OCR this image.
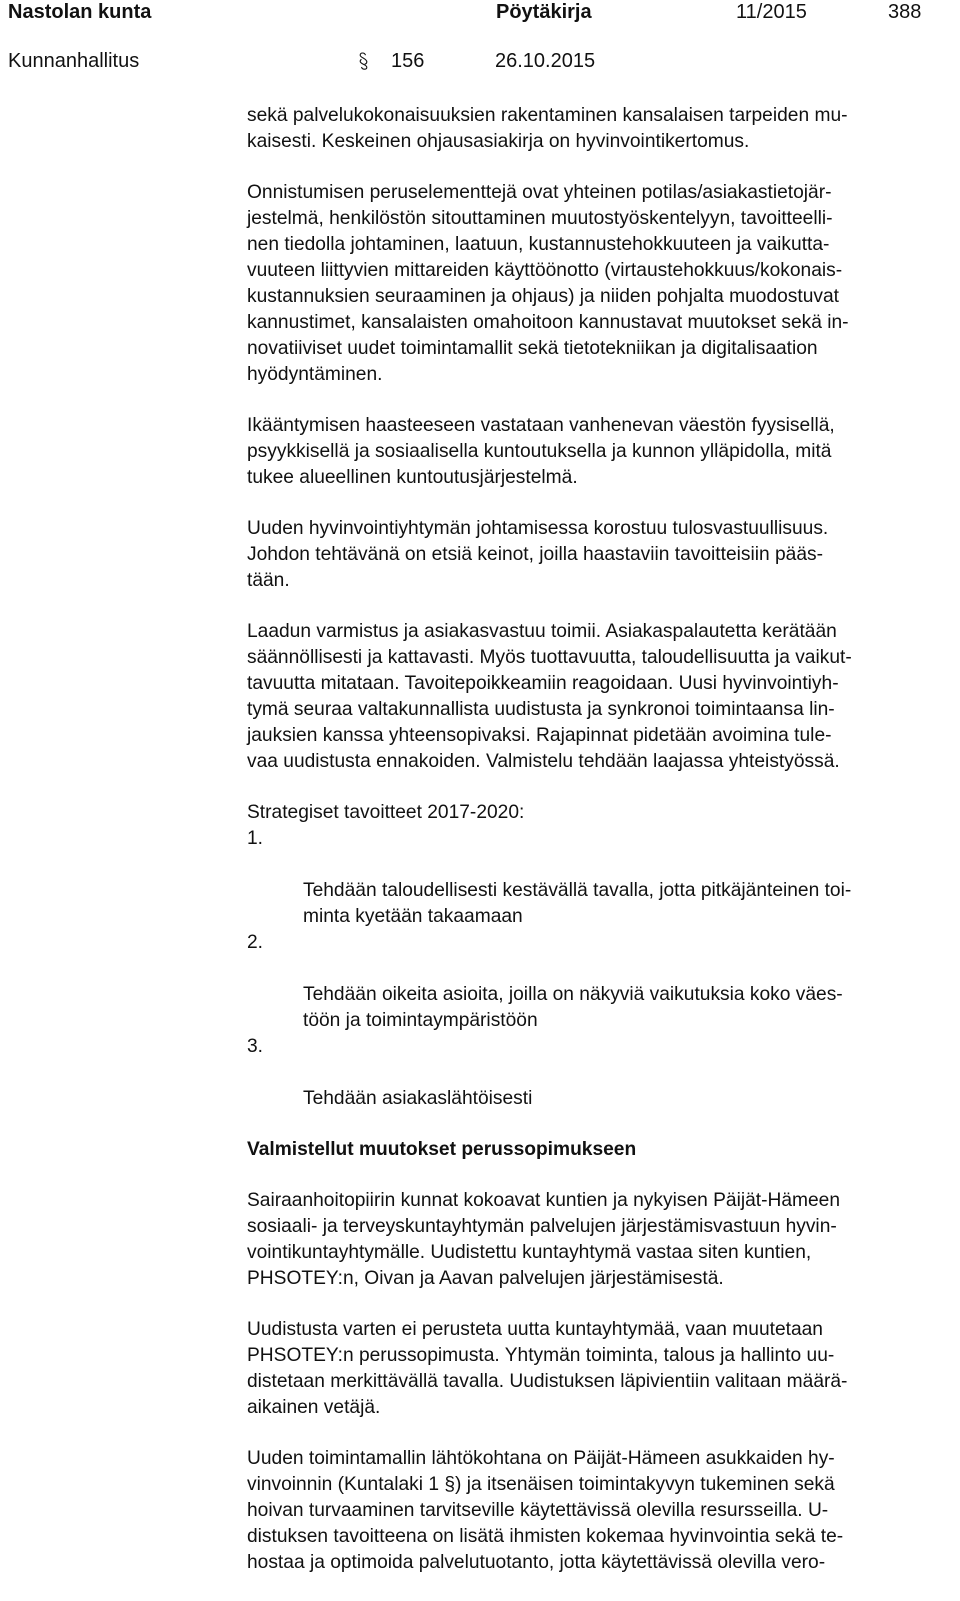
Nastolan kunta	Pöytäkirja	11/2015	388
Kunnanhallitus	156	26.10.2015

sekä palvelukokonaisuuksien rakentaminen kansalaisen tarpeiden mu-
kaisesti. Keskeinen ohjausasiakirja on hyvinvointikertomus.

Onnistumisen peruselementtejä ovat yhteinen potilas/asiakastietojär-
jestelmä, henkilöstön sitouttaminen muutostyöskentelyyn, tavoitteelli-
nen tiedolla johtaminen, laatuun, kustannustehokkuuteen ja vaikutta-
vuuteen liittyvien mittareiden käyttöönotto (virtaustehokkuus/kokonais-
kustannuksien seuraaminen ja ohjaus) ja niiden pohjalta muodostuvat
kannustimet, kansalaisten omahoitoon kannustavat muutokset sekä in-
novatiiviset uudet toimintamallit sekä tietotekniikan ja digitalisaation
hyödyntäminen.

Ikääntymisen haasteeseen vastataan vanhenevan väestön fyysisellä,
psyykkisellä ja sosiaalisella kuntoutuksella ja kunnon ylläpidolla, mitä
tukee alueellinen kuntoutusjärjestelmä.

Uuden hyvinvointiyhtymän johtamisessa korostuu tulosvastuullisuus.
Johdon tehtävänä on etsiä keinot, joilla haastaviin tavoitteisiin pääs-
tään.

Laadun varmistus ja asiakasvastuu toimii. Asiakaspalautetta kerätään
säännöllisesti ja kattavasti. Myös tuottavuutta, taloudellisuutta ja vaikut-
tavuutta mitataan. Tavoitepoikkeamiin reagoidaan. Uusi hyvinvointiyh-
tymä seuraa valtakunnallista uudistusta ja synkronoi toimintaansa lin-
jauksien kanssa yhteensopivaksi. Rajapinnat pidetään avoimina tule-
vaa uudistusta ennakoiden. Valmistelu tehdään laajassa yhteistyössä.

Strategiset tavoitteet 2017-2020:

1.

Tehdään taloudellisesti kestävällä tavalla, jotta pitkäjänteinen toi-
minta kyetään takaamaan

2.

Tehdään oikeita asioita, joilla on näkyviä vaikutuksia koko väes-
töön ja toimintaympäristöön

3.

Tehdään asiakaslähtöisesti

Valmistellut muutokset perussopimukseen

Sairaanhoitopiirin kunnat kokoavat kuntien ja nykyisen Päijät-Hämeen
sosiaali- ja terveyskuntayhtymän palvelujen järjestämisvastuun hyvin-
vointikuntayhtymälle. Uudistettu kuntayhtymä vastaa siten kuntien,
PHSOTEY:n, Oivan ja Aavan palvelujen järjestämisestä.

Uudistusta varten ei perusteta uutta kuntayhtymää, vaan muutetaan
PHSOTEY:n perussopimusta. Yhtymän toiminta, talous ja hallinto uu-
distetaan merkittävällä tavalla. Uudistuksen läpivientiin valitaan määrä-
aikainen vetäjä.

Uuden toimintamallin lähtökohtana on Päijät-Hämeen asukkaiden hy-
vinvoinnin (Kuntalaki 1 §) ja itsenäisen toimintakyvyn tukeminen sekä
hoivan turvaaminen tarvitseville käytettävissä olevilla resursseilla. U-
distuksen tavoitteena on lisätä ihmisten kokemaa hyvinvointia sekä te-
hostaa ja optimoida palvelutuotanto, jotta käytettävissä olevilla vero-
